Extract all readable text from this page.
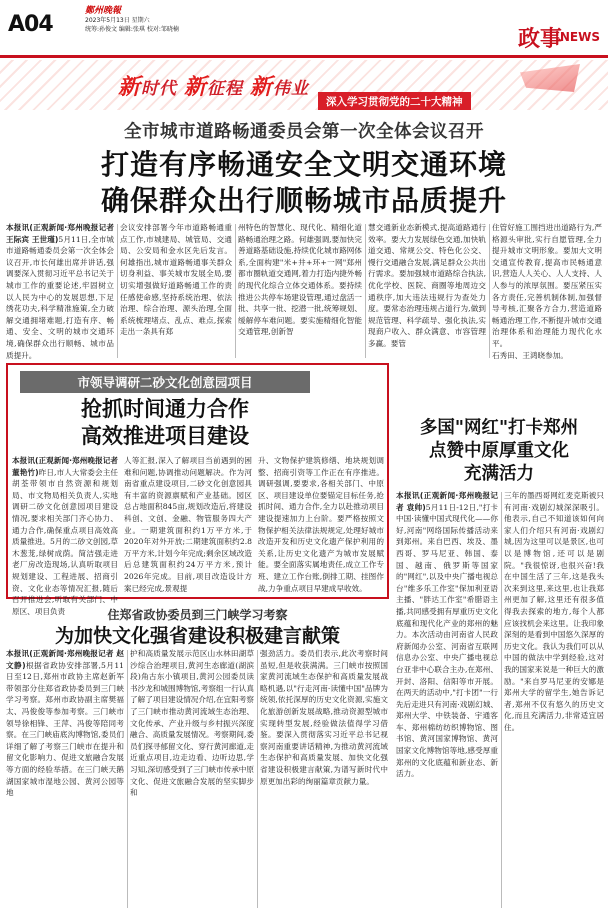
A04
鄭州晚報
2023年5月13日 星期六
统筹:孙俊文 编辑:张琪 校对:邹晓楠	政事
NEWS
新时代 新征程 新伟业
深入学习贯彻党的二十大精神
全市城市道路畅通委员会第一次全体会议召开
打造有序畅通安全文明交通环境
确保群众出行顺畅城市品质提升
本报讯(正观新闻·郑州晚报记者 王际宾 王世瑾)5月11日,全市城市道路畅通委员会第一次全体会议召开,市长何雄出席并讲话,强调要深入贯彻习近平总书记关于城市工作的重要论述,牢固树立以人民为中心的发展思想,下足绣花功夫,科学精准施策,全力破解交通拥堵难题,打造有序、畅通、安全、文明的城市交通环境,确保群众出行顺畅、城市品质提升。
会议安排部署今年市道路畅通重点工作,市城建局、城管局、交通局、公安局和金水区先后发言。何雄指出,城市道路畅通事关群众切身利益、事关城市发展全局,要切实增强做好道路畅通工作的责任感使命感,坚持系统治理、依法治理、综合治理、源头治理,全面系统梳理堵点、乱点、难点,探索走出一条具有郑
州特色的智慧化、现代化、精细化道路畅通治理之路。何雄强调,要加快完善道路基础设施,持续优化城市路网体系,全面构建"米+井+环+一网"郑州都市圈轨道交通网,着力打造内捷外畅的现代化综合立体交通体系。要持续推进公共停车场建设管理,通过盘活一批、共享一批、挖潜一批,统筹规划、缓解停车难问题。要实施精细化智能交通管理,创新智
慧交通新业态新模式,提高道路通行效率。要大力发展绿色交通,加快轨道交通、常规公交、特色化公交、慢行交通融合发展,满足群众公共出行需求。要加强城市道路综合执法,优化学校、医院、商圈等地周边交通秩序,加大违法违规行为查处力度。要常态治理违规占道行为,做到规范管理、科学疏导、强化执法,实现商户收入、群众满意、市容管理多赢。要管
住管好施工围挡进出道路行为,严格源头审批,实行自愿管理,全力提升城市文明形象。要加大文明交通宣传教育,提高市民畅通意识,营造人人关心、人人支持、人人参与的浓厚氛围。要压紧压实各方责任,完善机制体制,加强督导考核,汇聚各方合力,营造道路畅通治理工作,不断提升城市交通治理体系和治理能力现代化水平。
石秀田、王鸿晓参加。
市领导调研二砂文化创意园项目
抢抓时间通力合作
高效推进项目建设
本报讯(正观新闻·郑州晚报记者 董艳竹)昨日,市人大常委会主任胡荃带领市自然资源和规划局、市文物局相关负责人,实地调研二砂文化创意园项目建设情况,要求相关部门齐心协力、通力合作,确保重点项目高效高质量推进。5月的二砂文创园,草木葱茏,绿树成荫。简洁强走进老厂房改造现场,认真听取项目规划建设、工程进展、招商引资、文化业态等情况汇报,随后召开推进会,听取有关部门、中原区、项目负责
人等汇报,深入了解项目当前遇到的困难和问题,协调推动问题解决。作为河南省重点建设项目,二砂文化创意园具有丰富的资源禀赋和产业基础。园区总占地面积845亩,规划改造后,将建设科创、文创、金融、物管服务四大产业。一期建筑面积约1万平方米,于2020年对外开放;二期建筑面积约2.8万平方米,计划今年完成;剩余区域改造后总建筑面积约24万平方米,预计2026年完成。目前,项目改造设计方案已经完成,景观提
升、文物保护建筑修缮、地块规划调整、招商引资等工作正在有序推进。调研强调,要要求,各相关部门、中原区、项目建设单位要锚定目标任务,抢抓时间、通力合作,全力以赴推动项目建设提速加力上台阶。要严格按照文物保护相关法律法规规定,处理好城市改造开发和历史文化遗产保护利用的关系,让历史文化遗产为城市发展赋能。要全面落实属地责任,成立工作专班、建立工作台账,倒排工期、挂图作战,力争重点项目早建成早收效。
多国"网红"打卡郑州
点赞中原厚重文化
充满活力
本报讯(正观新闻·郑州晚报记者 袁帅)5月11日-12日,"打卡中国·读懂中国式现代化——你好,河南"网络国际传播活动来到郑州。来自巴西、埃及、墨西哥、罗马尼亚、韩国、泰国、越南、俄罗斯等国家的"网红",以及中央广播电视总台"维多乐工作室"保加利亚语主播、"胖达工作室"希腊语主播,共同感受拥有厚重历史文化底蕴和现代化产业的郑州的魅力。本次活动由河南省人民政府新闻办公室、河南省互联网信息办公室、中央广播电视总台亚非中心联合主办,在郑州、开封、洛阳、信阳等市开展。在两天的活动中,"打卡团"一行先后走进只有河南·戏剧幻城、郑州大学、中铁装备、宇通客车、郑州棉纺纺织博物馆、图书馆、黄河国家博物馆、黄河国家文化博物馆等地,感受厚重郑州的文化底蕴和新业态、新活力。
三年的墨西哥网红麦克斯被只有河南·戏剧幻城深深吸引。他表示,自己不知道该如何向家人们介绍只有河南·戏剧幻城,因为这里可以是景区,也可以是博物馆,还可以是剧院。"我很惊讶,也很兴奋!我在中国生活了三年,这是我头次来到这里,来这里,也让我郑州更加了解,这里还有很多值得我去探索的地方,每个人都应该找机会来这里。让我印象深刻的是看到中国悠久深厚的历史文化。我认为我们可以从中国的做法中学到经验,这对我的国家来说是一种巨大的激励。"来自罗马尼亚的安娜是郑州大学的留学生,她告诉记者,郑州不仅有悠久的历史文化,而且充满活力,非常适宜居住。
住郑省政协委员到三门峡学习考察
为加快文化强省建设积极建言献策
本报讯(正观新闻·郑州晚报记者 赵文静)根据省政协安排部署,5月11日至12日,郑州市政协主席赵新军带领部分住郑省政协委员到三门峡学习考察。郑州市政协副主席樊福太、冯俊俊等参加考察。三门峡市领导徐相锋、王萍、冯俊等陪同考察。在三门峡庙底沟博物馆,委员们详细了解了考察三门峡市在提升和留文化影响力、促进文旅融合发展等方面的经验举措。在三门峡天鹅湖国家城市湿地公园、黄河公园等地
护和高质量发展示范区山水林田湖草沙综合治理项目,黄河生态廊道(湖滨段)角古东小镇项目,黄河公园委员读书沙龙和城围博物馆,考察组一行认真了解了项目建设情况介绍,在宜阳考察了三门峡市推动黄河流域生态治理、文化传承、产业升级与乡村振兴深度融合、高质量发展情况。考察期间,委员们探寻郁留文化、穿行黄河廊道,走近重点项目,边走边看、边听边思,学习知,深切感受到了三门峡市传承中原文化、促进文旅融合发展的坚实脚步和
强劲活力。委员们表示,此次考察时间虽短,但是收获满满。三门峡市按照国家黄河流域生态保护和高质量发展战略机遇,以"行走河南·读懂中国"品牌为统领,依托深厚的历史文化资源,实施文化旅游创新发展战略,推动资源型城市实现转型发展,经验做法值得学习借鉴。要深入贯彻落实习近平总书记视察河南重要讲话精神,为推动黄河流域生态保护和高质量发展、加快文化强省建设积极建言献策,为谱写新时代中原更加出彩的绚丽篇章贡献力量。
